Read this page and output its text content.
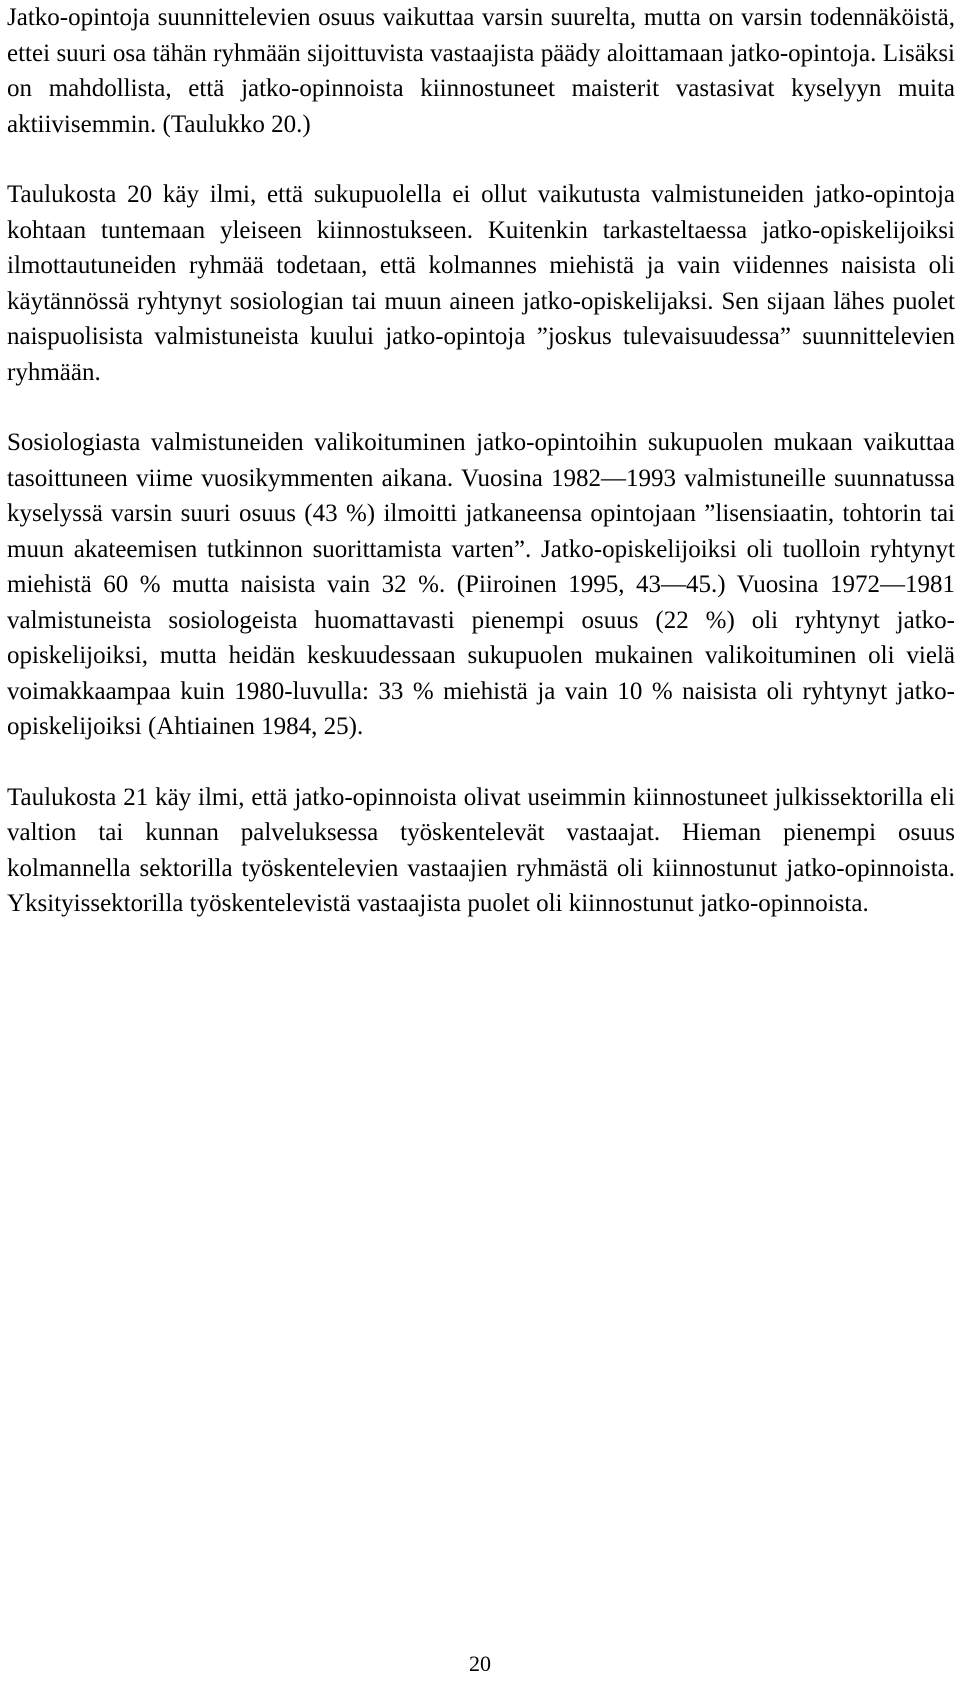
Jatko-opintoja suunnittelevien osuus vaikuttaa varsin suurelta, mutta on varsin todennäköistä, ettei suuri osa tähän ryhmään sijoittuvista vastaajista päädy aloittamaan jatko-opintoja. Lisäksi on mahdollista, että jatko-opinnoista kiinnostuneet maisterit vastasivat kyselyyn muita aktiivisemmin. (Taulukko 20.)

Taulukosta 20 käy ilmi, että sukupuolella ei ollut vaikutusta valmistuneiden jatko-opintoja kohtaan tuntemaan yleiseen kiinnostukseen. Kuitenkin tarkasteltaessa jatko-opiskelijoiksi ilmottautuneiden ryhmää todetaan, että kolmannes miehistä ja vain viidennes naisista oli käytännössä ryhtynyt sosiologian tai muun aineen jatko-opiskelijaksi. Sen sijaan lähes puolet naispuolisista valmistuneista kuului jatko-opintoja ”joskus tulevaisuudessa” suunnittelevien ryhmään.

Sosiologiasta valmistuneiden valikoituminen jatko-opintoihin sukupuolen mukaan vaikuttaa tasoittuneen viime vuosikymmenten aikana. Vuosina 1982—1993 valmistuneille suunnatussa kyselyssä varsin suuri osuus (43 %) ilmoitti jatkaneensa opintojaan ”lisensiaatin, tohtorin tai muun akateemisen tutkinnon suorittamista varten”. Jatko-opiskelijoiksi oli tuolloin ryhtynyt miehistä 60 % mutta naisista vain 32 %. (Piiroinen 1995, 43—45.) Vuosina 1972—1981 valmistuneista sosiologeista huomattavasti pienempi osuus (22 %) oli ryhtynyt jatko-opiskelijoiksi, mutta heidän keskuudessaan sukupuolen mukainen valikoituminen oli vielä voimakkaampaa kuin 1980-luvulla: 33 % miehistä ja vain 10 % naisista oli ryhtynyt jatko-opiskelijoiksi (Ahtiainen 1984, 25).

Taulukosta 21 käy ilmi, että jatko-opinnoista olivat useimmin kiinnostuneet julkissektorilla eli valtion tai kunnan palveluksessa työskentelevät vastaajat. Hieman pienempi osuus kolmannella sektorilla työskentelevien vastaajien ryhmästä oli kiinnostunut jatko-opinnoista. Yksityissektorilla työskentelevistä vastaajista puolet oli kiinnostunut jatko-opinnoista.

20
